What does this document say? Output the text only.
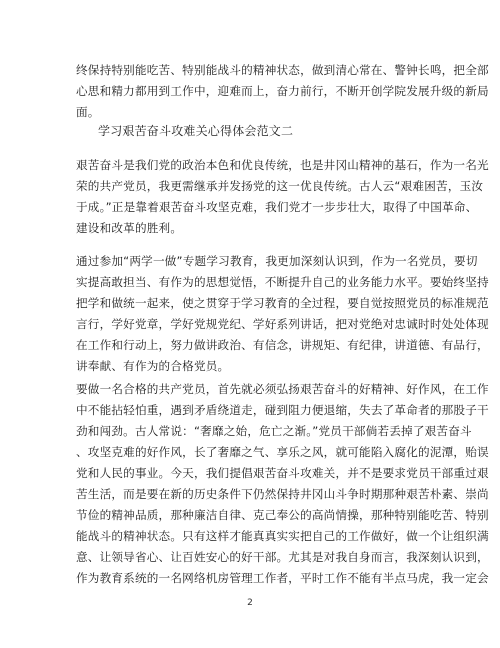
终保持特别能吃苦、特别能战斗的精神状态，做到清心常在、警钟长鸣，把全部
心思和精力都用到工作中，迎难而上，奋力前行，不断开创学院发展升级的新局
面。

学习艰苦奋斗攻难关心得体会范文二

艰苦奋斗是我们党的政治本色和优良传统，也是井冈山精神的基石，作为一名光
荣的共产党员，我更需继承并发扬党的这一优良传统。古人云“艰难困苦，玉汝
于成。”正是靠着艰苦奋斗攻坚克难，我们党才一步步壮大，取得了中国革命、
建设和改革的胜利。
通过参加“两学一做”专题学习教育，我更加深刻认识到，作为一名党员，要切
实提高敢担当、有作为的思想觉悟，不断提升自己的业务能力水平。要始终坚持
把学和做统一起来，使之贯穿于学习教育的全过程，要自觉按照党员的标准规范
言行，学好党章，学好党规党纪、学好系列讲话，把对党绝对忠诚时时处处体现
在工作和行动上，努力做讲政治、有信念，讲规矩、有纪律，讲道德、有品行，
讲奉献、有作为的合格党员。
要做一名合格的共产党员，首先就必须弘扬艰苦奋斗的好精神、好作风，在工作
中不能拈轻怕重，遇到矛盾绕道走，碰到阻力便退缩，失去了革命者的那股子干
劲和闯劲。古人常说：“奢靡之始，危亡之渐。”党员干部倘若丢掉了艰苦奋斗
、攻坚克难的好作风，长了奢靡之气、享乐之风，就可能陷入腐化的泥潭，贻误
党和人民的事业。今天，我们提倡艰苦奋斗攻难关，并不是要求党员干部重过艰
苦生活，而是要在新的历史条件下仍然保持井冈山斗争时期那种艰苦朴素、崇尚
节俭的精神品质，那种廉洁自律、克己奉公的高尚情操，那种特别能吃苦、特别
能战斗的精神状态。只有这样才能真真实实把自己的工作做好，做一个让组织满
意、让领导省心、让百姓安心的好干部。尤其是对我自身而言，我深刻认识到，
作为教育系统的一名网络机房管理工作者，平时工作不能有半点马虎，我一定会

2
